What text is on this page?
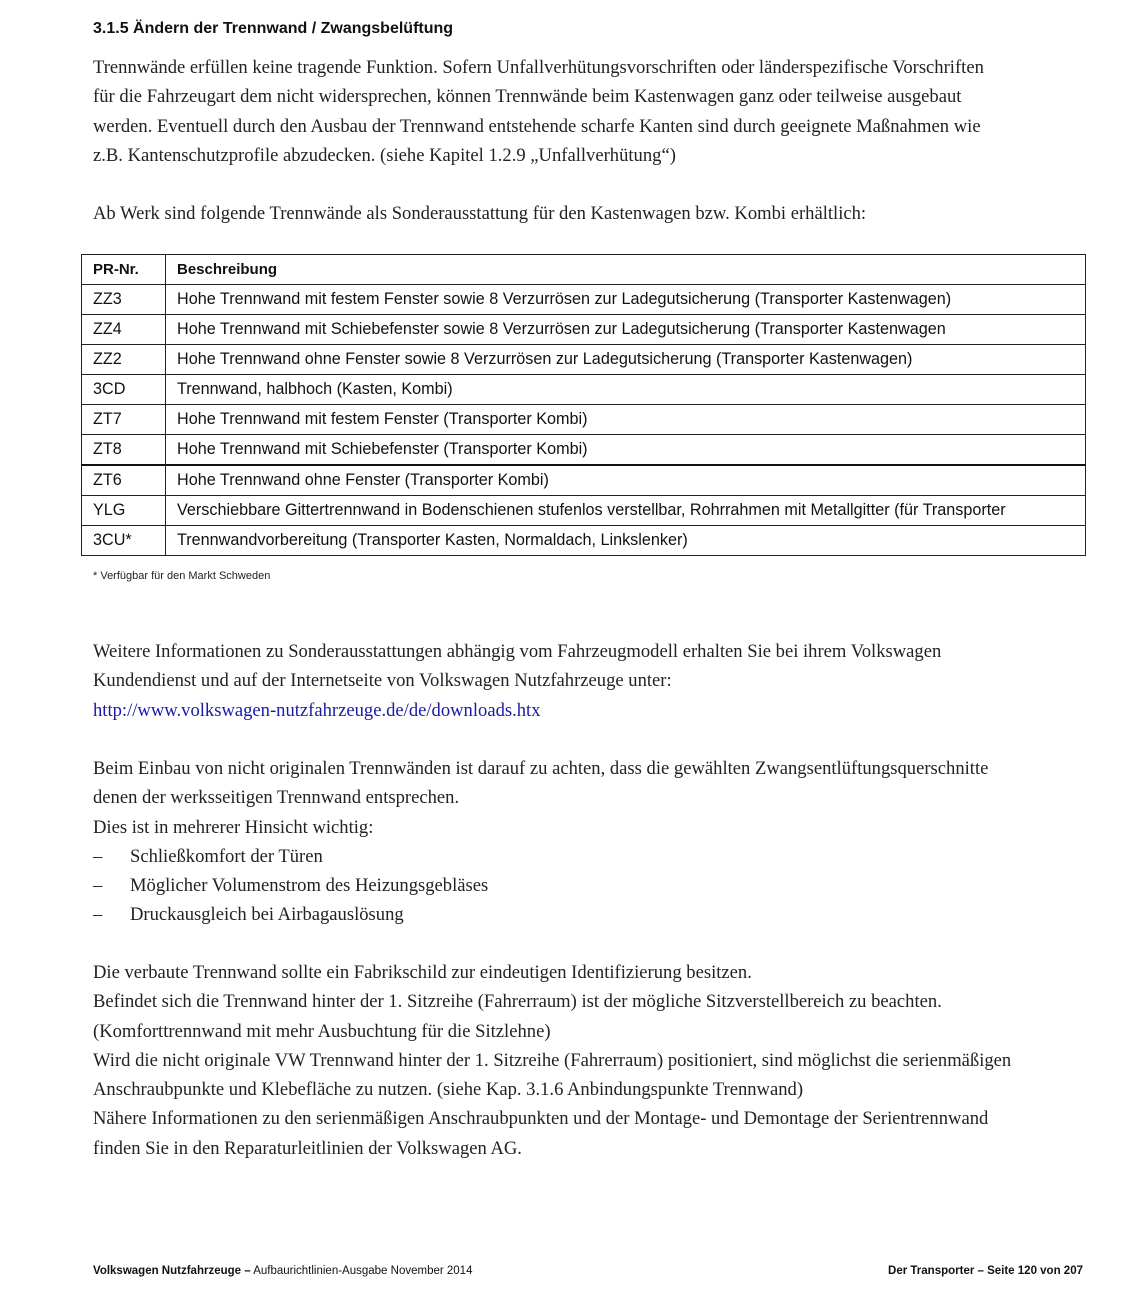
3.1.5 Ändern der Trennwand / Zwangsbelüftung
Trennwände erfüllen keine tragende Funktion. Sofern Unfallverhütungsvorschriften oder länderspezifische Vorschriften
für die Fahrzeugart dem nicht widersprechen, können Trennwände beim Kastenwagen ganz oder teilweise ausgebaut
werden. Eventuell durch den Ausbau der Trennwand entstehende scharfe Kanten sind durch geeignete Maßnahmen wie
z.B. Kantenschutzprofile abzudecken. (siehe Kapitel 1.2.9 „Unfallverhütung“)
Ab Werk sind folgende Trennwände als Sonderausstattung für den Kastenwagen bzw. Kombi erhältlich:
PR-Nr.	Beschreibung
ZZ3	Hohe Trennwand mit festem Fenster sowie 8 Verzurrösen zur Ladegutsicherung (Transporter Kastenwagen)
ZZ4	Hohe Trennwand mit Schiebefenster sowie 8 Verzurrösen zur Ladegutsicherung (Transporter Kastenwagen
ZZ2	Hohe Trennwand ohne Fenster sowie 8 Verzurrösen zur Ladegutsicherung (Transporter Kastenwagen)
3CD	Trennwand, halbhoch (Kasten, Kombi)
ZT7	Hohe Trennwand mit festem Fenster (Transporter Kombi)
ZT8	Hohe Trennwand mit Schiebefenster (Transporter Kombi)
ZT6	Hohe Trennwand ohne Fenster (Transporter Kombi)
YLG	Verschiebbare Gittertrennwand in Bodenschienen stufenlos verstellbar, Rohrrahmen mit Metallgitter (für Transporter
3CU*	Trennwandvorbereitung (Transporter Kasten, Normaldach, Linkslenker)
* Verfügbar für den Markt Schweden
Weitere Informationen zu Sonderausstattungen abhängig vom Fahrzeugmodell erhalten Sie bei ihrem Volkswagen
Kundendienst und auf der Internetseite von Volkswagen Nutzfahrzeuge unter:
http://www.volkswagen-nutzfahrzeuge.de/de/downloads.htx
Beim Einbau von nicht originalen Trennwänden ist darauf zu achten, dass die gewählten Zwangsentlüftungsquerschnitte
denen der werksseitigen Trennwand entsprechen.
Dies ist in mehrerer Hinsicht wichtig:
–	Schließkomfort der Türen
–	Möglicher Volumenstrom des Heizungsgebläses
–	Druckausgleich bei Airbagauslösung
Die verbaute Trennwand sollte ein Fabrikschild zur eindeutigen Identifizierung besitzen.
Befindet sich die Trennwand hinter der 1. Sitzreihe (Fahrerraum) ist der mögliche Sitzverstellbereich zu beachten.
(Komforttrennwand mit mehr Ausbuchtung für die Sitzlehne)
Wird die nicht originale VW Trennwand hinter der 1. Sitzreihe (Fahrerraum) positioniert, sind möglichst die serienmäßigen
Anschraubpunkte und Klebefläche zu nutzen. (siehe Kap. 3.1.6 Anbindungspunkte Trennwand)
Nähere Informationen zu den serienmäßigen Anschraubpunkten und der Montage- und Demontage der Serientrennwand
finden Sie in den Reparaturleitlinien der Volkswagen AG.
Volkswagen Nutzfahrzeuge – Aufbaurichtlinien-Ausgabe November 2014	Der Transporter – Seite 120 von 207
